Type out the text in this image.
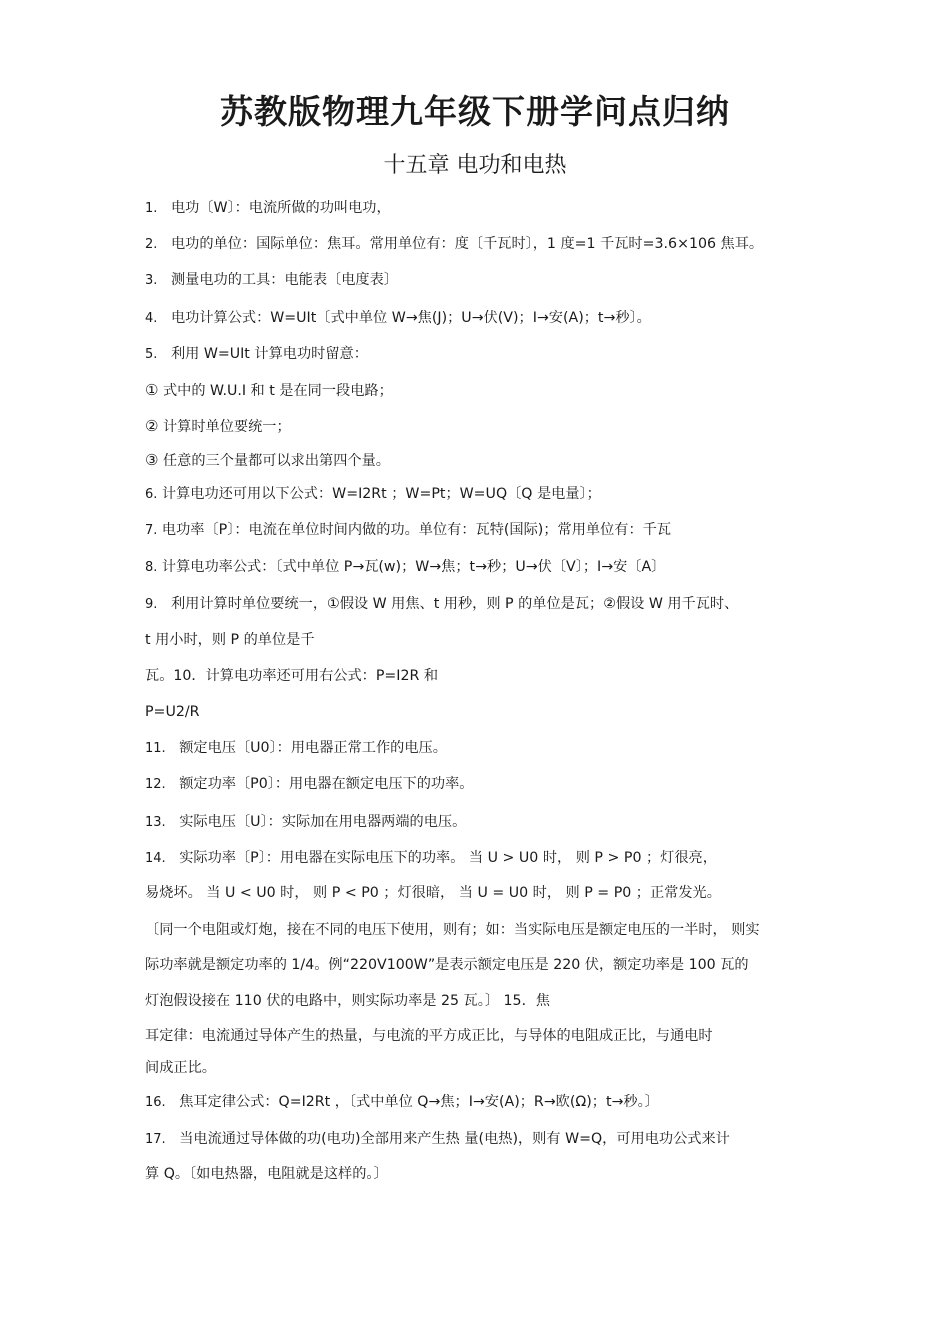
苏教版物理九年级下册学问点归纳
十五章 电功和电热
1. 电功〔W〕：电流所做的功叫电功，
2. 电功的单位：国际单位：焦耳。常用单位有：度〔千瓦时〕，1 度=1 千瓦时=3.6×106 焦耳。
3. 测量电功的工具：电能表〔电度表〕
4. 电功计算公式：W=UIt〔式中单位 W→焦(J)；U→伏(V)；I→安(A)；t→秒〕。
5. 利用 W=UIt 计算电功时留意：
① 式中的 W.U.I 和 t 是在同一段电路；
② 计算时单位要统一；
③ 任意的三个量都可以求出第四个量。
6. 计算电功还可用以下公式：W=I2Rt ；W=Pt；W=UQ〔Q 是电量〕；
7. 电功率〔P〕：电流在单位时间内做的功。单位有：瓦特(国际)；常用单位有：千瓦
8. 计算电功率公式：〔式中单位 P→瓦(w)；W→焦；t→秒；U→伏〔V〕；I→安〔A〕
9. 利用计算时单位要统一，①假设 W 用焦、t 用秒，则 P 的单位是瓦；②假设 W 用千瓦时、
t 用小时，则 P 的单位是千
瓦。10．计算电功率还可用右公式：P=I2R 和
P=U2/R
11. 额定电压〔U0〕：用电器正常工作的电压。
12. 额定功率〔P0〕：用电器在额定电压下的功率。
13. 实际电压〔U〕：实际加在用电器两端的电压。
14. 实际功率〔P〕：用电器在实际电压下的功率。 当 U > U0 时， 则 P > P0 ；灯很亮，
易烧坏。 当 U < U0 时， 则 P < P0 ；灯很暗， 当 U = U0 时， 则 P = P0 ；正常发光。
〔同一个电阻或灯炮，接在不同的电压下使用，则有；如：当实际电压是额定电压的一半时， 则实
际功率就是额定功率的 1/4。例“220V100W”是表示额定电压是 220 伏，额定功率是 100 瓦的
灯泡假设接在 110 伏的电路中，则实际功率是 25 瓦。〕 15．焦
耳定律：电流通过导体产生的热量，与电流的平方成正比，与导体的电阻成正比，与通电时
间成正比。
16. 焦耳定律公式：Q=I2Rt ，〔式中单位 Q→焦；I→安(A)；R→欧(Ω)；t→秒。〕
17. 当电流通过导体做的功(电功)全部用来产生热 量(电热)，则有 W=Q，可用电功公式来计
算 Q。〔如电热器，电阻就是这样的。〕
